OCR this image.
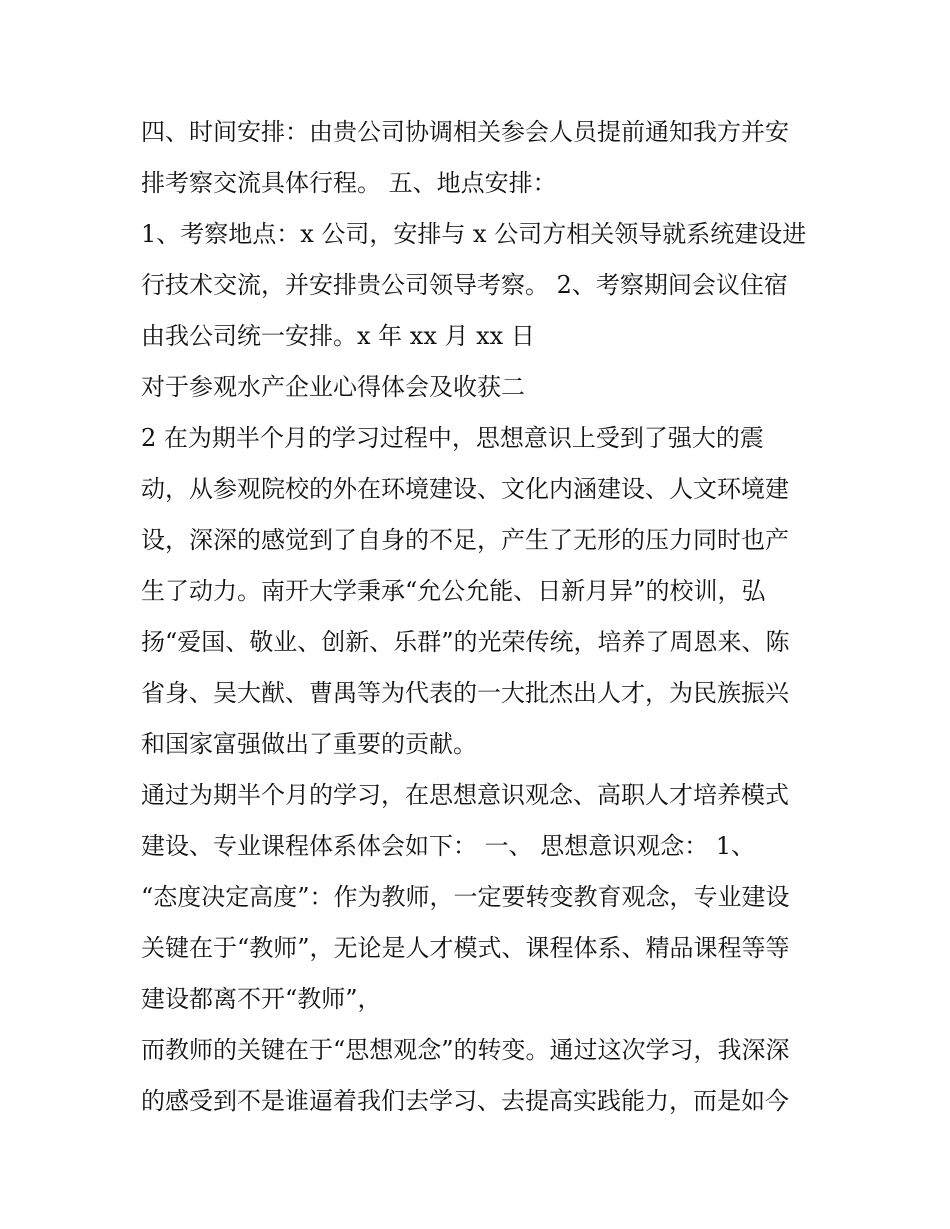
四、时间安排：由贵公司协调相关参会人员提前通知我方并安
排考察交流具体行程。 五、地点安排：
1、考察地点：x 公司，安排与 x 公司方相关领导就系统建设进
行技术交流，并安排贵公司领导考察。 2、考察期间会议住宿
由我公司统一安排。x 年 xx 月 xx 日
对于参观水产企业心得体会及收获二
2 在为期半个月的学习过程中，思想意识上受到了强大的震
动，从参观院校的外在环境建设、文化内涵建设、人文环境建
设，深深的感觉到了自身的不足，产生了无形的压力同时也产
生了动力。南开大学秉承“允公允能、日新月异”的校训，弘
扬“爱国、敬业、创新、乐群”的光荣传统，培养了周恩来、陈
省身、吴大猷、曹禺等为代表的一大批杰出人才，为民族振兴
和国家富强做出了重要的贡献。
通过为期半个月的学习，在思想意识观念、高职人才培养模式
建设、专业课程体系体会如下： 一、 思想意识观念： 1、
“态度决定高度”：作为教师，一定要转变教育观念，专业建设
关键在于“教师”，无论是人才模式、课程体系、精品课程等等
建设都离不开“教师”，
而教师的关键在于“思想观念”的转变。通过这次学习，我深深
的感受到不是谁逼着我们去学习、去提高实践能力，而是如今
